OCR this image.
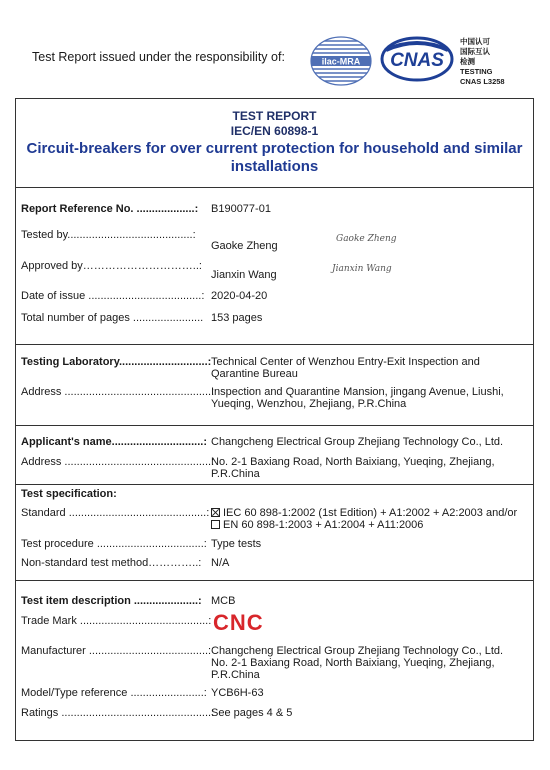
Test Report issued under the responsibility of:	ilac-MRA CNAS
中国认可
国际互认
检测
TESTING
CNAS L3258
TEST REPORT
IEC/EN 60898-1
Circuit-breakers for over current protection for household and similar installations
Report Reference No. ...................: B190077-01
Tested by.........................................:
Gaoke Zheng
Gaoke Zheng
Approved by…………………………..:
Jianxin Wang	Jianxin Wang
Date of issue .....................................: 2020-04-20
Total number of pages ....................... 153 pages
Testing Laboratory.............................: Technical Center of Wenzhou Entry-Exit Inspection and Qarantine Bureau
Address ................................................:
Inspection and Quarantine Mansion, jingang Avenue, Liushi, Yueqing, Wenzhou, Zhejiang, P.R.China
Applicant's name..............................: Changcheng Electrical Group Zhejiang Technology Co., Ltd.
Address ................................................:
No. 2-1 Baxiang Road, North Baixiang, Yueqing, Zhejiang, P.R.China
Test specification:
Standard .............................................:	IEC 60 898-1:2002 (1st Edition) + A1:2002 + A2:2003 and/or
EN 60 898-1:2003 + A1:2004 + A11:2006
Test procedure ...................................: Type tests
Non-standard test method…………..: N/A
Test item description .....................: MCB
Trade Mark ..........................................: CNC
Manufacturer .......................................: Changcheng Electrical Group Zhejiang Technology Co., Ltd. No. 2-1 Baxiang Road, North Baixiang, Yueqing, Zhejiang, P.R.China
Model/Type reference ........................: YCB6H-63
Ratings .................................................:
See pages 4 & 5
